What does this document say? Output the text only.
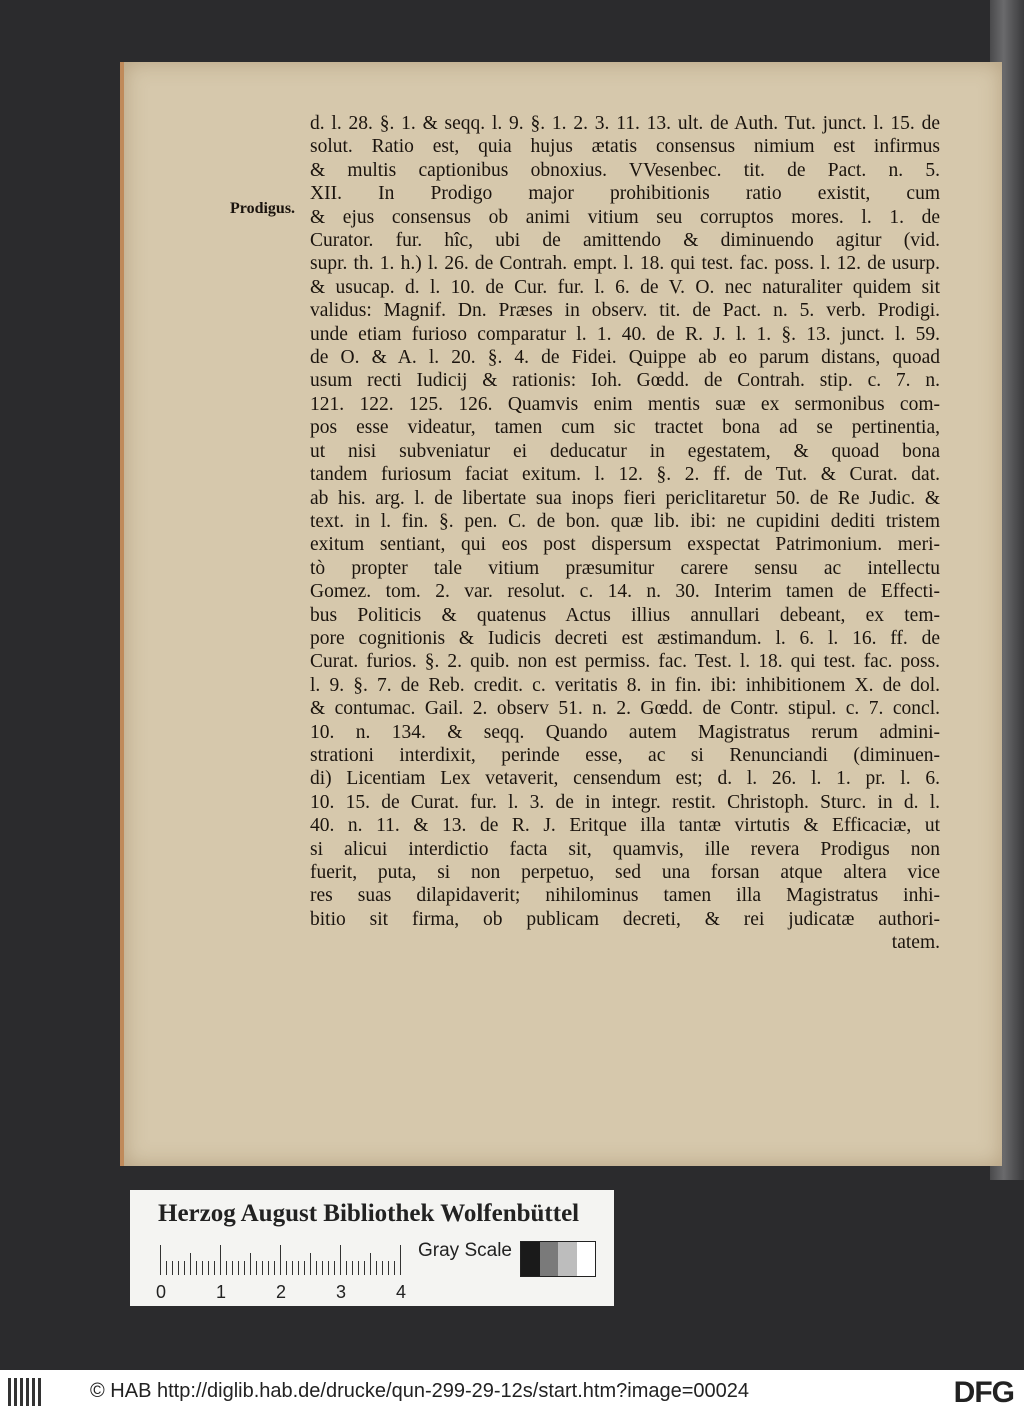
Prodigus.
d. l. 28. §. 1. & seqq. l. 9. §. 1. 2. 3. 11. 13. ult. de Auth. Tut. junct. l. 15. de
solut. Ratio est, quia hujus ætatis consensus nimium est infirmus
& multis captionibus obnoxius. VVesenbec. tit. de Pact. n. 5.
XII. In Prodigo major prohibitionis ratio existit, cum
& ejus consensus ob animi vitium seu corruptos mores. l. 1. de
Curator. fur. hîc, ubi de amittendo & diminuendo agitur (vid.
supr. th. 1. h.) l. 26. de Contrah. empt. l. 18. qui test. fac. poss. l. 12. de usurp.
& usucap. d. l. 10. de Cur. fur. l. 6. de V. O. nec naturaliter quidem sit
validus: Magnif. Dn. Præses in observ. tit. de Pact. n. 5. verb. Prodigi.
unde etiam furioso comparatur l. 1. 40. de R. J. l. 1. §. 13. junct. l. 59.
de O. & A. l. 20. §. 4. de Fidei. Quippe ab eo parum distans, quoad
usum recti Iudicij & rationis: Ioh. Gœdd. de Contrah. stip. c. 7. n.
121. 122. 125. 126. Quamvis enim mentis suæ ex sermonibus com-
pos esse videatur, tamen cum sic tractet bona ad se pertinentia,
ut nisi subveniatur ei deducatur in egestatem, & quoad bona
tandem furiosum faciat exitum. l. 12. §. 2. ff. de Tut. & Curat. dat.
ab his. arg. l. de libertate sua inops fieri periclitaretur 50. de Re Judic. &
text. in l. fin. §. pen. C. de bon. quæ lib. ibi: ne cupidini dediti tristem
exitum sentiant, qui eos post dispersum exspectat Patrimonium. meri-
tò propter tale vitium præsumitur carere sensu ac intellectu
Gomez. tom. 2. var. resolut. c. 14. n. 30. Interim tamen de Effecti-
bus Politicis & quatenus Actus illius annullari debeant, ex tem-
pore cognitionis & Iudicis decreti est æstimandum. l. 6. l. 16. ff. de
Curat. furios. §. 2. quib. non est permiss. fac. Test. l. 18. qui test. fac. poss.
l. 9. §. 7. de Reb. credit. c. veritatis 8. in fin. ibi: inhibitionem X. de dol.
& contumac. Gail. 2. observ 51. n. 2. Gœdd. de Contr. stipul. c. 7. concl.
10. n. 134. & seqq. Quando autem Magistratus rerum admini-
strationi interdixit, perinde esse, ac si Renunciandi (diminuen-
di) Licentiam Lex vetaverit, censendum est; d. l. 26. l. 1. pr. l. 6.
10. 15. de Curat. fur. l. 3. de in integr. restit. Christoph. Sturc. in d. l.
40. n. 11. & 13. de R. J. Eritque illa tantæ virtutis & Efficaciæ, ut
si alicui interdictio facta sit, quamvis, ille revera Prodigus non
fuerit, puta, si non perpetuo, sed una forsan atque altera vice
res suas dilapidaverit; nihilominus tamen illa Magistratus inhi-
bitio sit firma, ob publicam decreti, & rei judicatæ authori-
tatem.
Herzog August Bibliothek Wolfenbüttel
0	1	2	3	4
Gray Scale
© HAB http://diglib.hab.de/drucke/qun-299-29-12s/start.htm?image=00024	DFG
